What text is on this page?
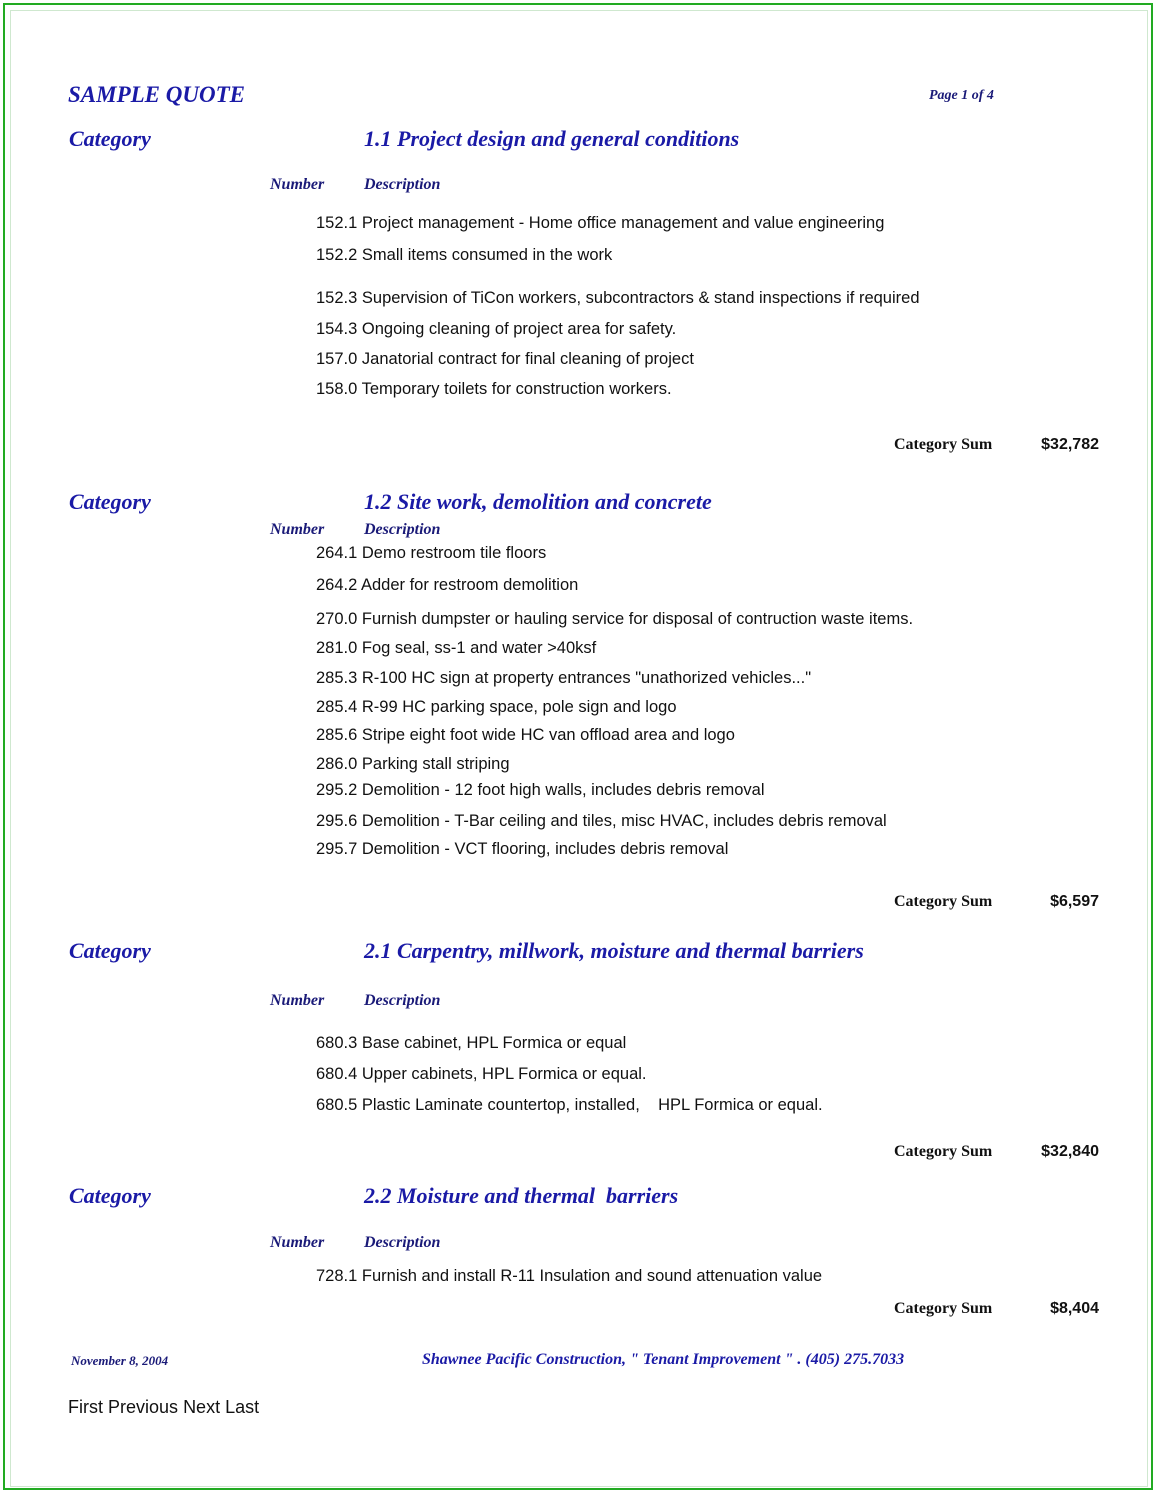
SAMPLE QUOTE	Page 1 of 4
Category	1.1 Project design and general conditions
Number Description
152.1 Project management - Home office management and value engineering
152.2 Small items consumed in the work
152.3 Supervision of TiCon workers, subcontractors & stand inspections if required
154.3 Ongoing cleaning of project area for safety.
157.0 Janatorial contract for final cleaning of project
158.0 Temporary toilets for construction workers.
Category Sum	$32,782
Category	1.2 Site work, demolition and concrete
Number Description
264.1 Demo restroom tile floors
264.2 Adder for restroom demolition
270.0 Furnish dumpster or hauling service for disposal of contruction waste items.
281.0 Fog seal, ss-1 and water >40ksf
285.3 R-100 HC sign at property entrances "unathorized vehicles..."
285.4 R-99 HC parking space, pole sign and logo
285.6 Stripe eight foot wide HC van offload area and logo
286.0 Parking stall striping
295.2 Demolition - 12 foot high walls, includes debris removal
295.6 Demolition - T-Bar ceiling and tiles, misc HVAC, includes debris removal
295.7 Demolition - VCT flooring, includes debris removal
Category Sum	$6,597
Category	2.1 Carpentry, millwork, moisture and thermal barriers
Number Description
680.3 Base cabinet, HPL Formica or equal
680.4 Upper cabinets, HPL Formica or equal.
680.5 Plastic Laminate countertop, installed,    HPL Formica or equal.
Category Sum	$32,840
Category	2.2 Moisture and thermal  barriers
Number Description
728.1 Furnish and install R-11 Insulation and sound attenuation value
Category Sum	$8,404
November 8, 2004	Shawnee Pacific Construction, " Tenant Improvement " . (405) 275.7033
First Previous Next Last
